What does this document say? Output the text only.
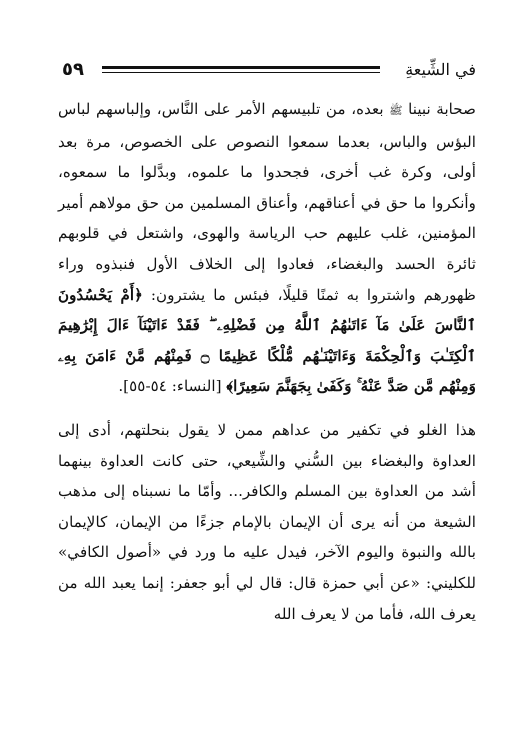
٥٩	في الشِّيعةِ

صحابة نبينا ﷺ بعده، من تلبيسهم الأمر على النَّاس، وإلباسهم لباس البؤس والباس، بعدما سمعوا النصوص على الخصوص، مرة بعد أولى، وكرة غب أخرى، فجحدوا ما علموه، وبدَّلوا ما سمعوه، وأنكروا ما حق في أعناقهم، وأعناق المسلمين من حق مولاهم أمير المؤمنين، غلب عليهم حب الرياسة والهوى، واشتعل في قلوبهم ثائرة الحسد والبغضاء، فعادوا إلى الخلاف الأول فنبذوه وراء ظهورهم واشتروا به ثمنًا قليلًا، فبئس ما يشترون: ﴿أَمْ يَحْسُدُونَ ٱلنَّاسَ عَلَىٰ مَآ ءَاتَىٰهُمُ ٱللَّهُ مِن فَضْلِهِۦ ۖ فَقَدْ ءَاتَيْنَآ ءَالَ إِبْرَٰهِيمَ ٱلْكِتَـٰبَ وَٱلْحِكْمَةَ وَءَاتَيْنَـٰهُم مُّلْكًا عَظِيمًا ۝ فَمِنْهُم مَّنْ ءَامَنَ بِهِۦ وَمِنْهُم مَّن صَدَّ عَنْهُ ۚ وَكَفَىٰ بِجَهَنَّمَ سَعِيرًا﴾ [النساء: ٥٤-٥٥].

هذا الغلو في تكفير من عداهم ممن لا يقول بنحلتهم، أدى إلى العداوة والبغضاء بين السُّني والشِّيعي، حتى كانت العداوة بينهما أشد من العداوة بين المسلم والكافر... وأمّا ما نسبناه إلى مذهب الشيعة من أنه يرى أن الإيمان بالإمام جزءًا من الإيمان، كالإيمان بالله والنبوة واليوم الآخر، فيدل عليه ما ورد في «أصول الكافي» للكليني: «عن أبي حمزة قال: قال لي أبو جعفر: إنما يعبد الله من يعرف الله، فأما من لا يعرف الله
